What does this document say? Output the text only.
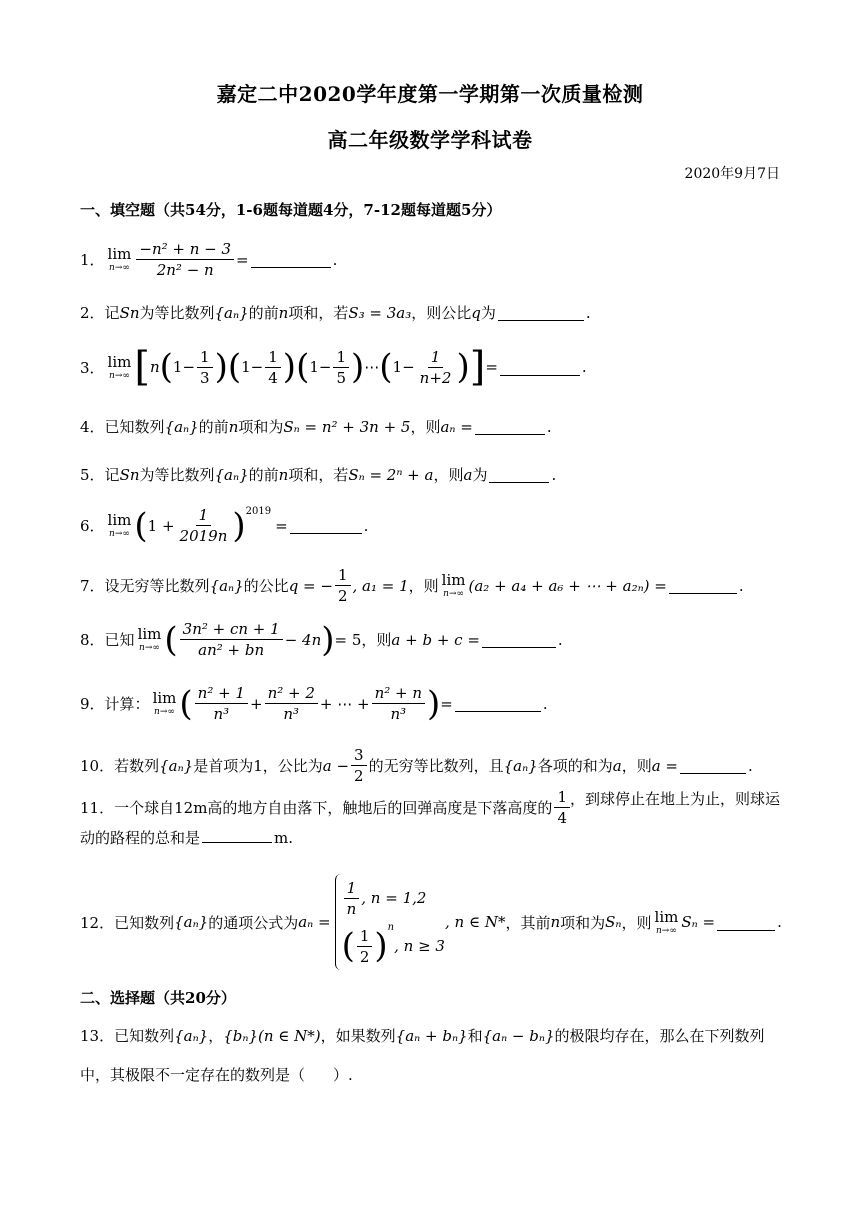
嘉定二中2020学年度第一学期第一次质量检测
高二年级数学学科试卷
2020年9月7日
一、填空题（共54分，1-6题每道题4分，7-12题每道题5分）
1． lim
$n\to\infty \frac{\text{−n² + n − 3}}{\text{2n² − n}}$ =	.
2． 记 Sn 为等比数列 {aₙ} 的前 n 项和，若 S₃ = 3a₃ ，则公比 q 为	.
3． lim
n→∞ [ n ( $1 - \frac{1}{3}$ ) ( $1 - \frac{1}{4}$ ) ( $1 - \frac{1}{5}$ ) ⋯ ( $1 - \frac{1}{n+2}$ ) ] =	.
4． 已知数列 {aₙ} 的前 n 项和为 Sₙ = n² + 3n + 5 ，则 aₙ =	.
5． 记 Sn 为等比数列 {aₙ} 的前 n 项和，若 Sₙ = 2ⁿ + a ，则 a 为	.
6． lim
n→∞ ( $1 + \frac{1}{2019n}$ ) 2019
=	.
7． 设无穷等比数列 {aₙ} 的公比 q = − $\frac{1}{2}$ , a₁ = 1 ，则 lim
n→∞ (a₂ + a₄ + a₆ + ⋯ + a₂ₙ) =	.
8． 已知 lim
n→∞ ( $\frac{\text{3n² + cn + 1}}{\text{an² + bn}} - 4n$ ) = 5 ，则 a + b + c =	.
9． 计算： lim
n→∞ ( $\frac{\text{n² + 1}}{\text{n³}} + \frac{\text{n² + 2}}{\text{n³}}$ + ⋯ + $\frac{\text{n² + n}}{\text{n³}}$ ) =	.
10． 若数列 {aₙ} 是首项为1，公比为 $a - \frac{3}{2}$ 的无穷等比数列，且 {aₙ} 各项的和为 a ，则 a =	.
11． 一个球自 12m 高的地方自由落下，触地后的回弹高度是下落高度的 $\frac{1}{4}$ ，到球停止在地上为止，则球运动的路程的总和是	m.
12． 已知数列 {aₙ} 的通项公式为 aₙ =
$\frac{1}{n}$ , n = 1,2
( $\frac{1}{2}$ ) n
, n ≥ 3
, n ∈ N* ，其前 n 项和为 Sₙ ，则 lim
n→∞ Sₙ =	.
二、选择题（共20分）
13．已知数列{aₙ}，{bₙ}(n ∈ N*)，如果数列{aₙ + bₙ}和{aₙ − bₙ}的极限均存在，那么在下列数列中，其极限不一定存在的数列是（ ）.
